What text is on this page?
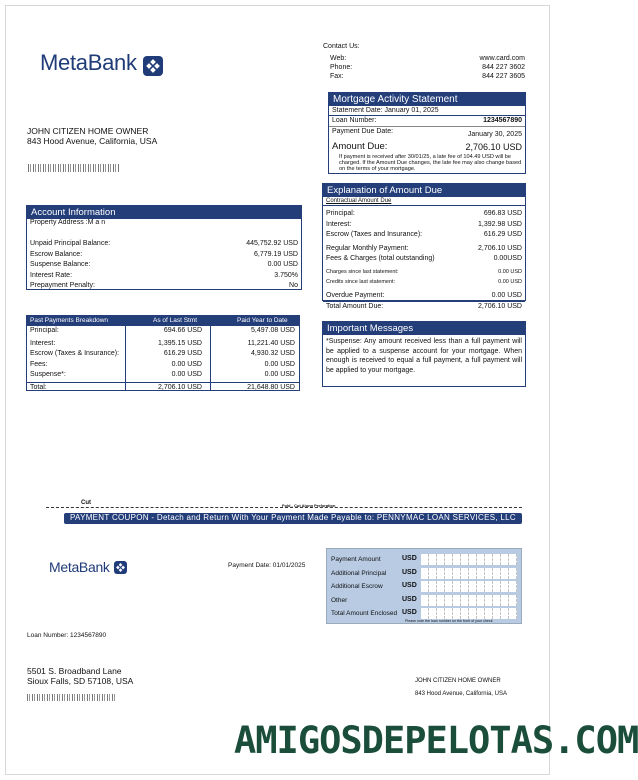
MetaBank
Contact Us:
Web:	www.card.com
Phone:	844 227 3602
Fax:	844 227 3605
Mortgage Activity Statement
Statement Date: January 01, 2025
Loan Number:	1234567890
Payment Due Date:	January 30, 2025
Amount Due:	2,706.10 USD
If payment is received after 30/01/25, a late fee of 104.49 USD will be charged. If the Amount Due changes, the late fee may also change based on the terms of your mortgage.
JOHN CITIZEN HOME OWNER
843 Hood Avenue, California, USA
Explanation of Amount Due
Contractual Amount Due
Principal:	696.83 USD
Interest:	1,392.98 USD
Escrow (Taxes and Insurance):	616.29 USD
Regular Monthly Payment:	2,706.10 USD
Fees & Charges (total outstanding)	0.00USD
Charges since last statement:	0.00 USD
Credits since last statement:	0.00 USD
Overdue Payment:	0.00 USD
Total Amount Due:	2,706.10 USD
Account Information
Property Address :M a n
Unpaid Principal Balance:	445,752.92 USD
Escrow Balance:	6,779.19 USD
Suspense Balance:	0.00 USD
Interest Rate:	3.750%
Prepayment Penalty:	No
Past Payments Breakdown	As of Last Stmt	Paid Year to Date
Principal:	694.66 USD	5,497.08 USD
Interest:	1,395.15 USD	11,221.40 USD
Escrow (Taxes & Insurance):	616.29 USD	4,930.32 USD
Fees:	0.00 USD	0.00 USD
Suspense*:	0.00 USD	0.00 USD
Total:	2,706.10 USD	21,648.80 USD
Important Messages
*Suspense: Any amount received less than a full payment will be applied to a suspense account for your mortgage. When enough is received to equal a full payment, a full payment will be applied to your mortgage.
Cut	Fold - Cut Along Perforation
PAYMENT COUPON - Detach and Return With Your Payment Made Payable to: PENNYMAC LOAN SERVICES, LLC
MetaBank	Payment Date: 01/01/2025
Payment Amount	USD
Additional Principal USD
Additional Escrow	USD
Other	USD
Total Amount Enclosed USD
Please note the loan number on the front of your check
Loan Number: 1234567890
5501 S. Broadband Lane
Sioux Falls, SD 57108, USA	JOHN CITIZEN HOME OWNER
843 Hood Avenue, California, USA
AMIGOSDEPELOTAS.COM
